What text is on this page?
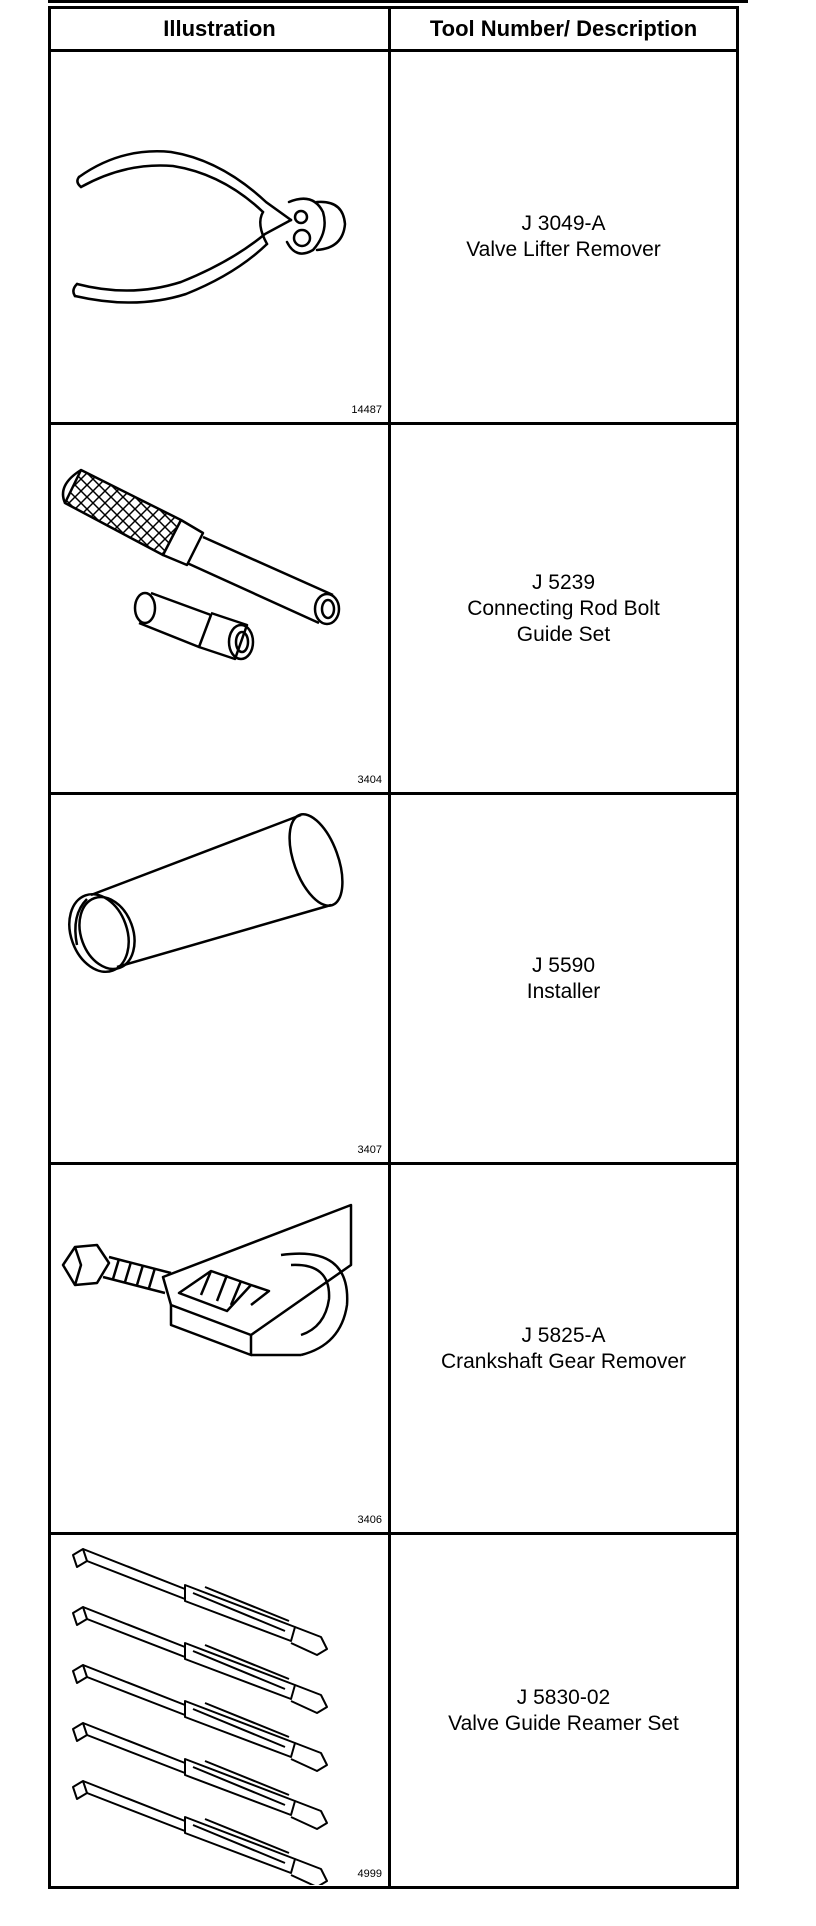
Illustration	Tool Number/ Description

14487	J 3049-A
Valve Lifter Remover

3404	J 5239
Connecting Rod Bolt
Guide Set

3407	J 5590
Installer

3406	J 5825-A
Crankshaft Gear Remover

4999	J 5830-02
Valve Guide Reamer Set
